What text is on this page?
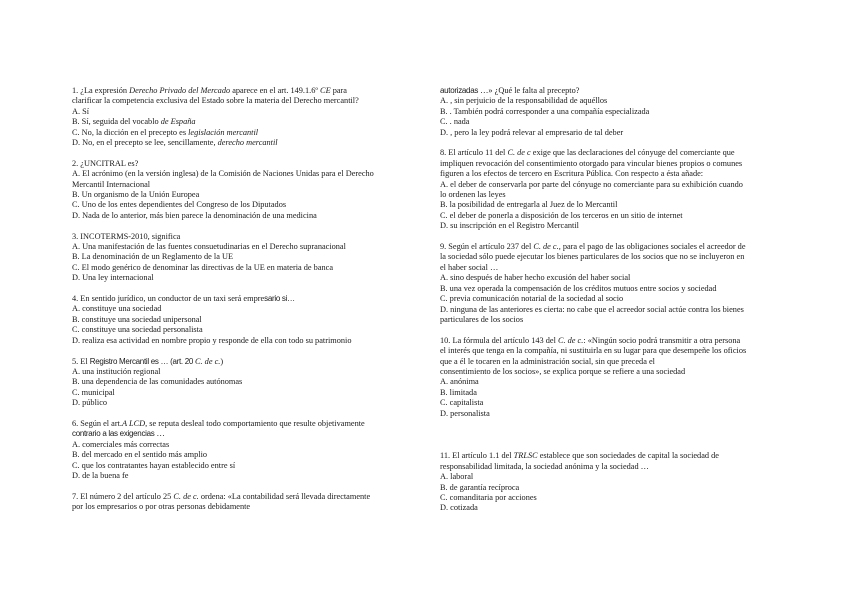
1. ¿La expresión Derecho Privado del Mercado aparece en el art. 149.1.6º CE para

clarificar la competencia exclusiva del Estado sobre la materia del Derecho mercantil?

A. Sí

B. Sí, seguida del vocablo de España

C. No, la dicción en el precepto es legislación mercantil

D. No, en el precepto se lee, sencillamente, derecho mercantil

2. ¿UNCITRAL es?

A. El acrónimo (en la versión inglesa) de la Comisión de Naciones Unidas para el Derecho

Mercantil Internacional

B. Un organismo de la Unión Europea

C. Uno de los entes dependientes del Congreso de los Diputados

D. Nada de lo anterior, más bien parece la denominación de una medicina

3. INCOTERMS-2010, significa

A. Una manifestación de las fuentes consuetudinarias en el Derecho supranacional

B. La denominación de un Reglamento de la UE

C. El modo genérico de denominar las directivas de la UE en materia de banca

D. Una ley internacional

4. En sentido jurídico, un conductor de un taxi será empresario si…

A. constituye una sociedad

B. constituye una sociedad unipersonal

C. constituye una sociedad personalista

D. realiza esa actividad en nombre propio y responde de ella con todo su patrimonio

5. El Registro Mercantil es … (art. 20 C. de c.)

A. una institución regional

B. una dependencia de las comunidades autónomas

C. municipal

D. público

6. Según el art.A LCD, se reputa desleal todo comportamiento que resulte objetivamente

contrario a las exigencias …

A. comerciales más correctas

B. del mercado en el sentido más amplio

C. que los contratantes hayan establecido entre sí

D. de la buena fe

7. El número 2 del artículo 25 C. de c. ordena: «La contabilidad será llevada directamente

por los empresarios o por otras personas debidamente

autorizadas …» ¿Qué le falta al precepto?

A. , sin perjuicio de la responsabilidad de aquéllos

B. . También podrá corresponder a una compañía especializada

C. . nada

D. , pero la ley podrá relevar al empresario de tal deber

8. El artículo 11 del C. de c exige que las declaraciones del cónyuge del comerciante que

impliquen revocación del consentimiento otorgado para vincular bienes propios o comunes

figuren a los efectos de tercero en Escritura Pública. Con respecto a ésta añade:

A. el deber de conservarla por parte del cónyuge no comerciante para su exhibición cuando

lo ordenen las leyes

B. la posibilidad de entregarla al Juez de lo Mercantil

C. el deber de ponerla a disposición de los terceros en un sitio de internet

D. su inscripción en el Registro Mercantil

9. Según el artículo 237 del C. de c., para el pago de las obligaciones sociales el acreedor de

la sociedad sólo puede ejecutar los bienes particulares de los socios que no se incluyeron en

el haber social …

A. sino después de haber hecho excusión del haber social

B. una vez operada la compensación de los créditos mutuos entre socios y sociedad

C. previa comunicación notarial de la sociedad al socio

D. ninguna de las anteriores es cierta: no cabe que el acreedor social actúe contra los bienes

particulares de los socios

10. La fórmula del artículo 143 del C. de c.: «Ningún socio podrá transmitir a otra persona

el interés que tenga en la compañía, ni sustituirla en su lugar para que desempeñe los oficios

que a él le tocaren en la administración social, sin que preceda el

consentimiento de los socios», se explica porque se refiere a una sociedad

A. anónima

B. limitada

C. capitalista

D. personalista

11. El artículo 1.1 del TRLSC establece que son sociedades de capital la sociedad de

responsabilidad limitada, la sociedad anónima y la sociedad …

A. laboral

B. de garantía recíproca

C. comanditaria por acciones

D. cotizada
